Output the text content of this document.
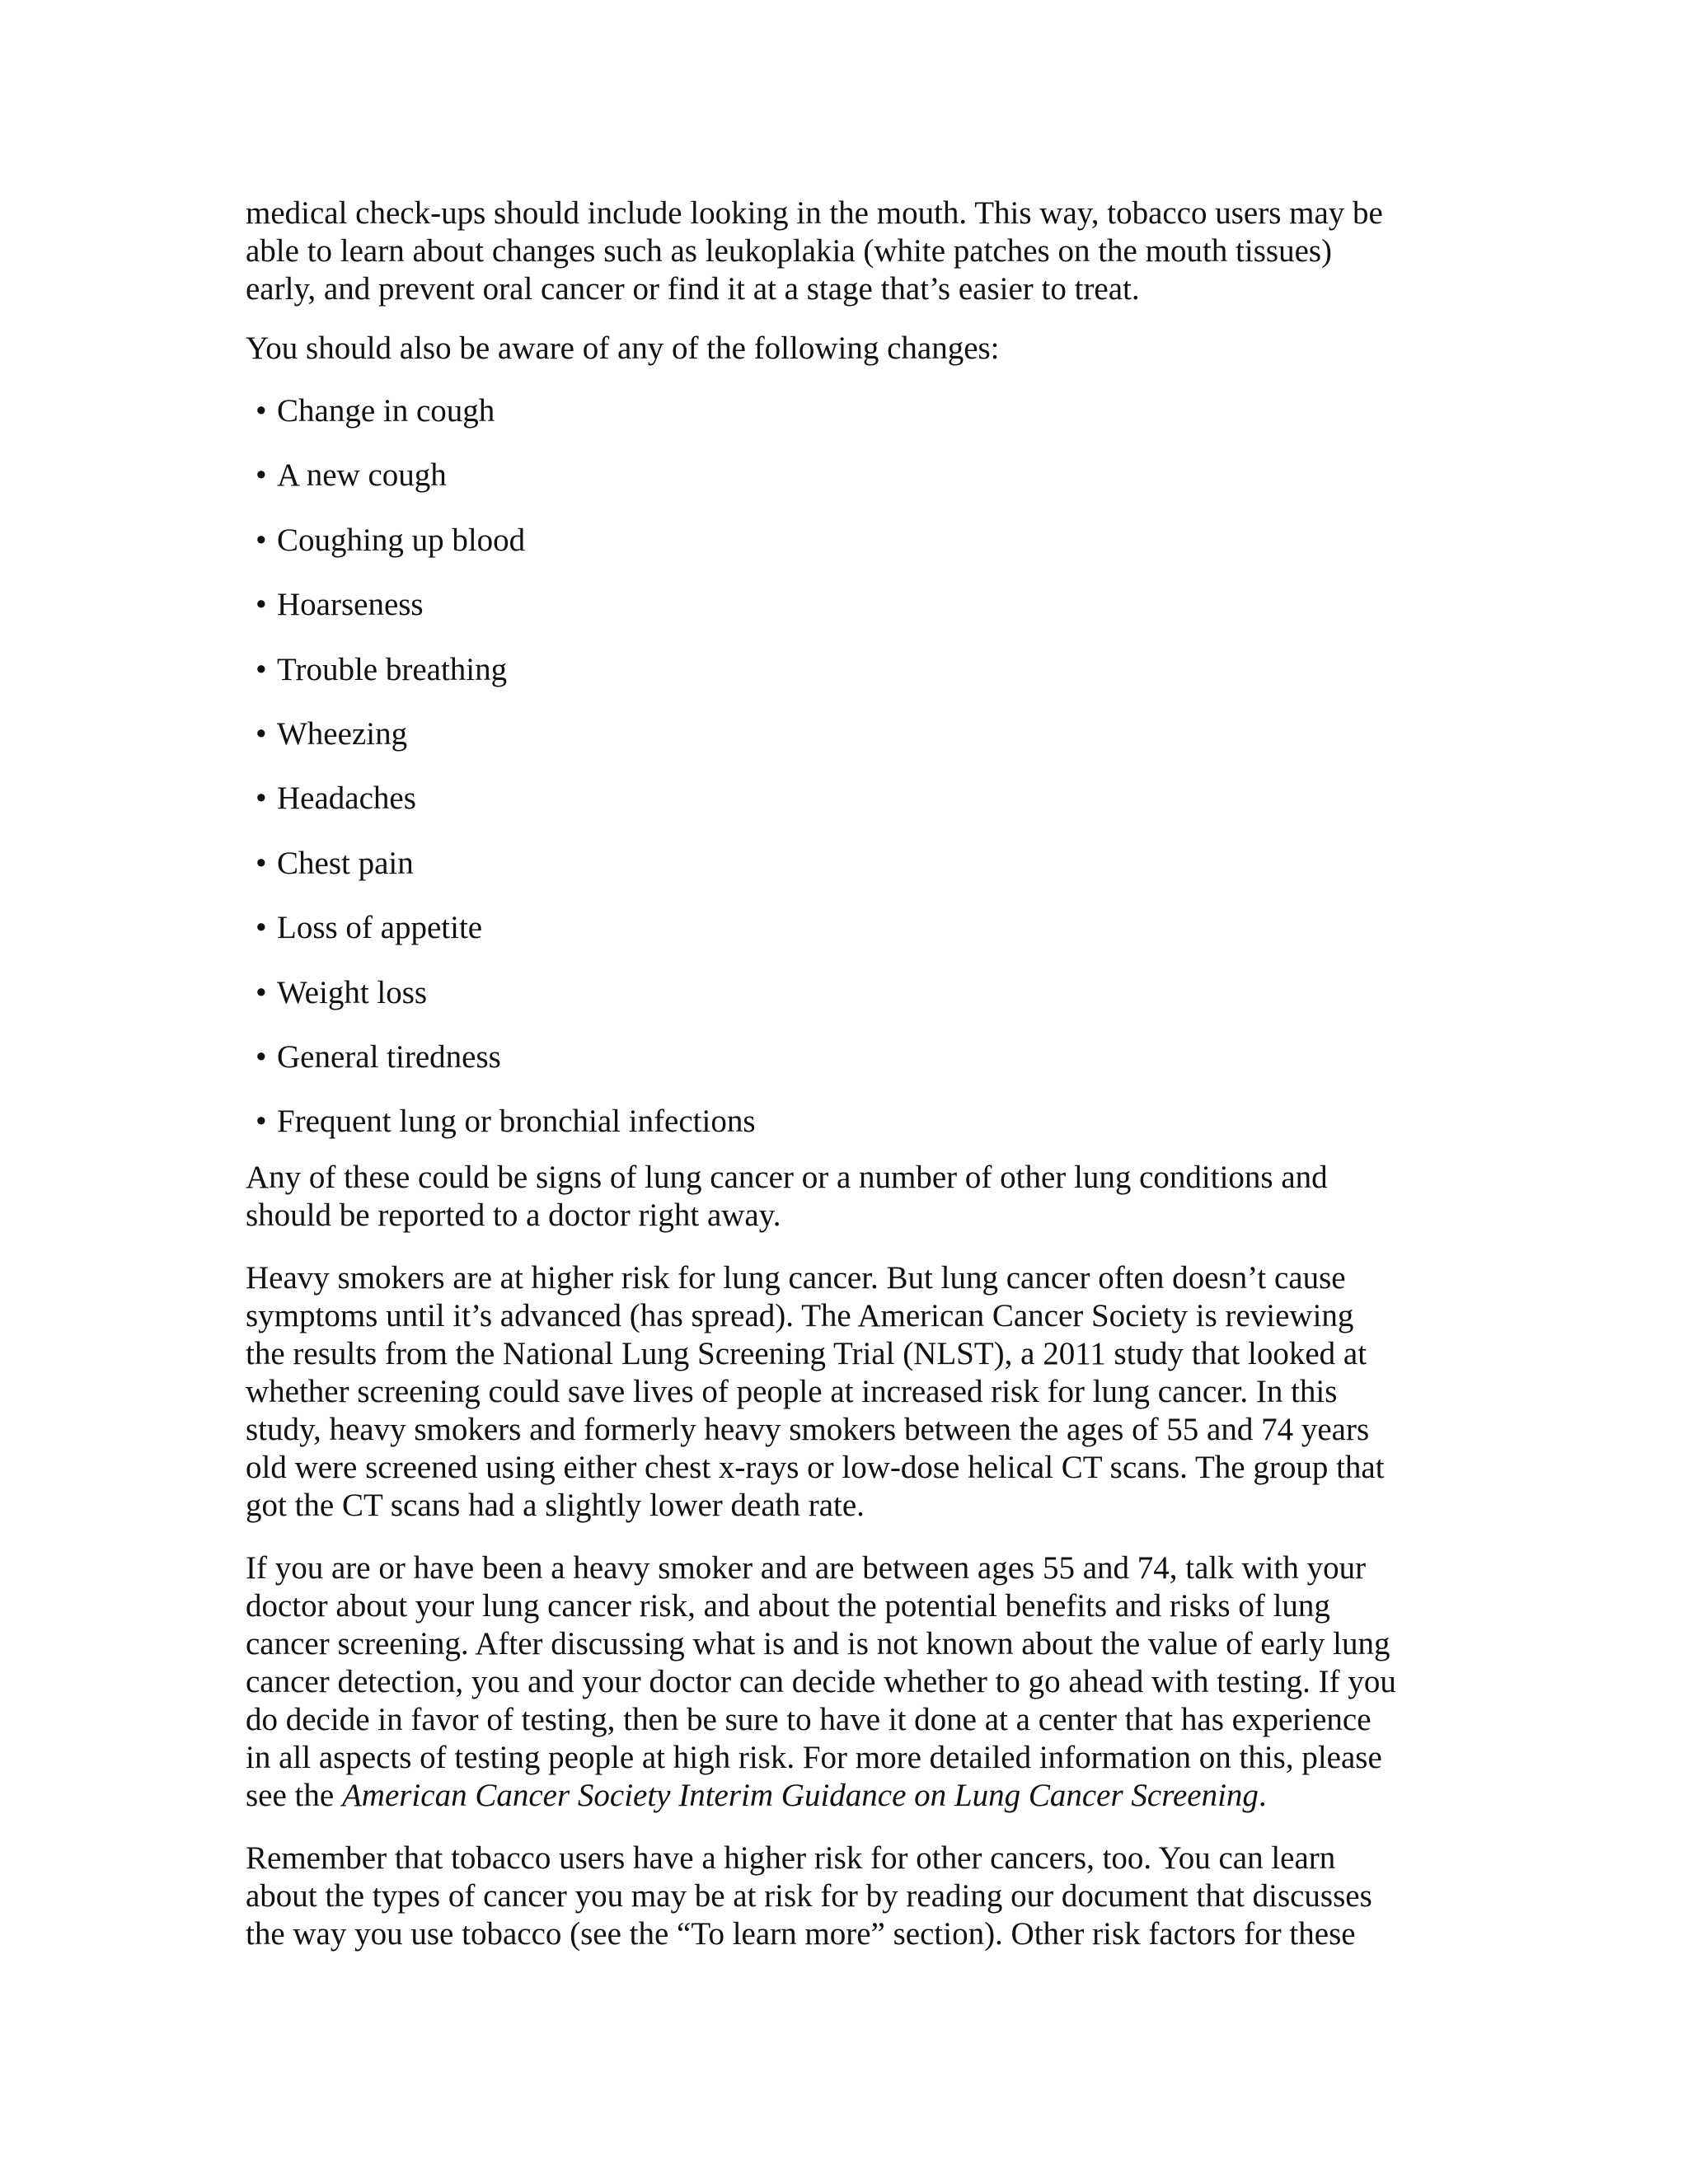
medical check-ups should include looking in the mouth. This way, tobacco users may be
able to learn about changes such as leukoplakia (white patches on the mouth tissues)
early, and prevent oral cancer or find it at a stage that’s easier to treat.

You should also be aware of any of the following changes:

• Change in cough
• A new cough
• Coughing up blood
• Hoarseness
• Trouble breathing
• Wheezing
• Headaches
• Chest pain
• Loss of appetite
• Weight loss
• General tiredness
• Frequent lung or bronchial infections

Any of these could be signs of lung cancer or a number of other lung conditions and
should be reported to a doctor right away.

Heavy smokers are at higher risk for lung cancer. But lung cancer often doesn’t cause
symptoms until it’s advanced (has spread). The American Cancer Society is reviewing
the results from the National Lung Screening Trial (NLST), a 2011 study that looked at
whether screening could save lives of people at increased risk for lung cancer. In this
study, heavy smokers and formerly heavy smokers between the ages of 55 and 74 years
old were screened using either chest x-rays or low-dose helical CT scans. The group that
got the CT scans had a slightly lower death rate.

If you are or have been a heavy smoker and are between ages 55 and 74, talk with your
doctor about your lung cancer risk, and about the potential benefits and risks of lung
cancer screening. After discussing what is and is not known about the value of early lung
cancer detection, you and your doctor can decide whether to go ahead with testing. If you
do decide in favor of testing, then be sure to have it done at a center that has experience
in all aspects of testing people at high risk. For more detailed information on this, please
see the American Cancer Society Interim Guidance on Lung Cancer Screening.

Remember that tobacco users have a higher risk for other cancers, too. You can learn
about the types of cancer you may be at risk for by reading our document that discusses
the way you use tobacco (see the “To learn more” section). Other risk factors for these
